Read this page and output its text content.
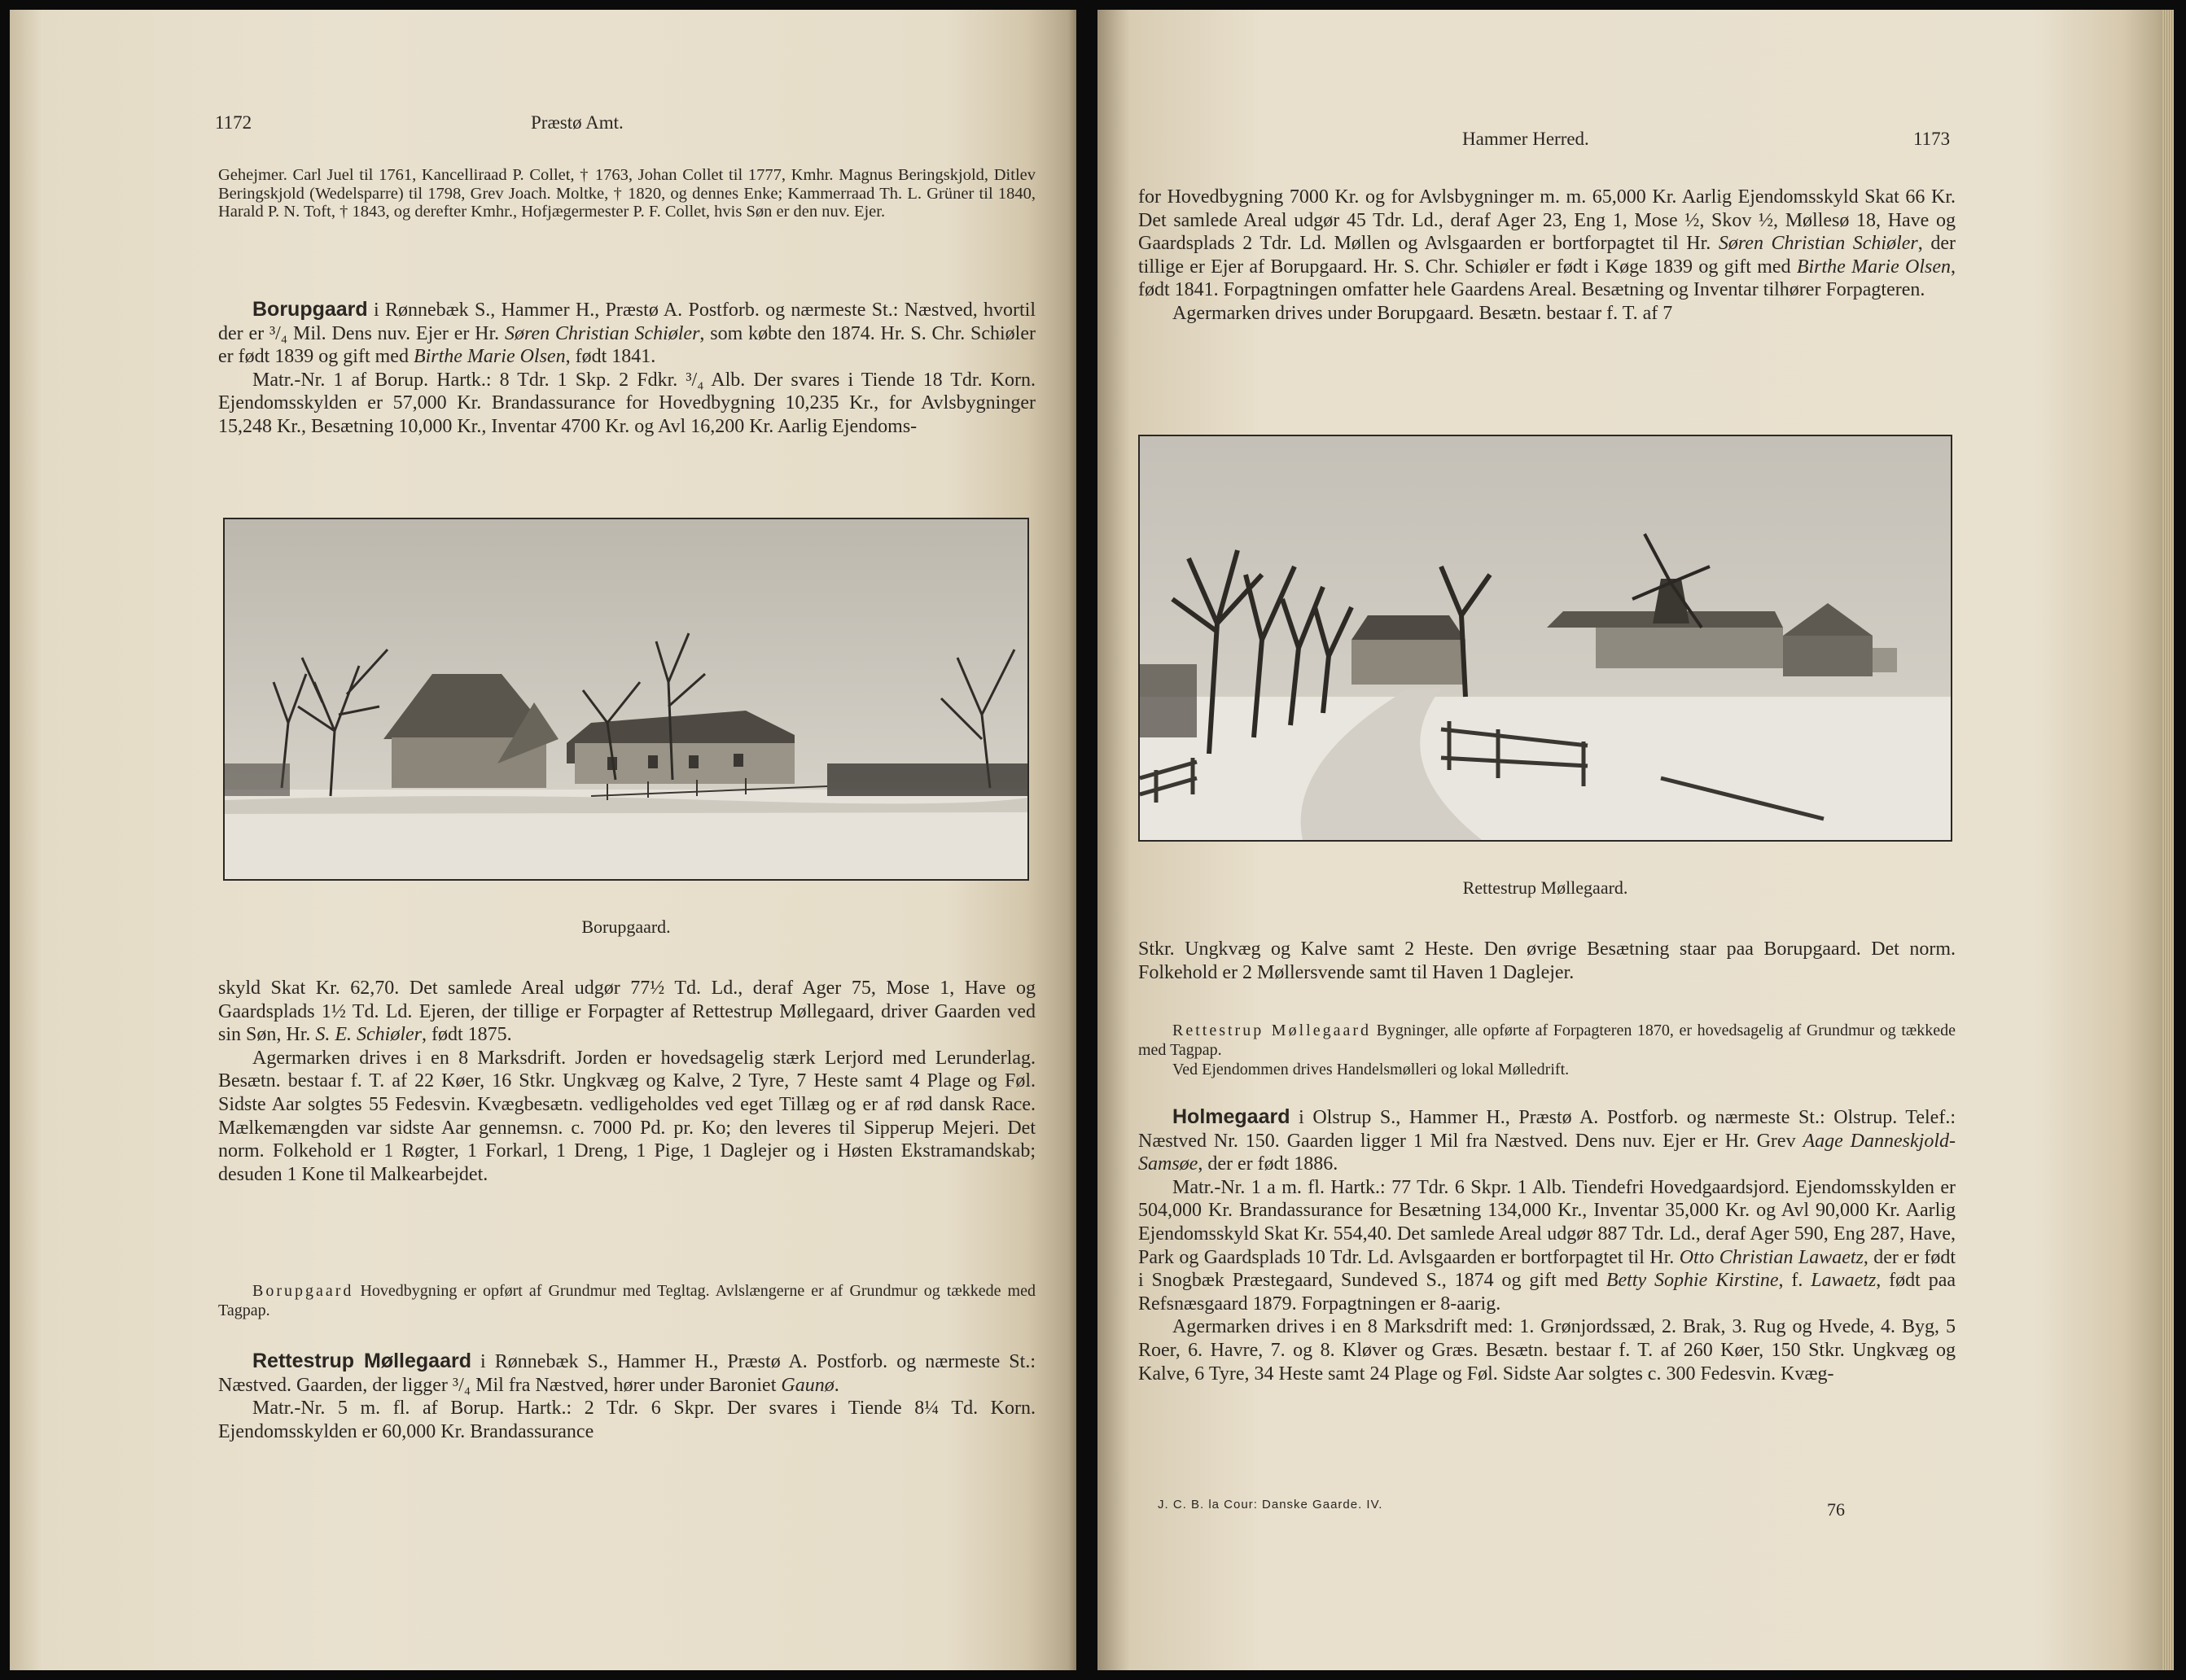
1172	Præstø Amt.

Gehejmer. Carl Juel til 1761, Kancelliraad P. Collet, † 1763, Johan Collet til 1777, Kmhr. Magnus Beringskjold, Ditlev Beringskjold (Wedelsparre) til 1798, Grev Joach. Moltke, † 1820, og dennes Enke; Kammerraad Th. L. Grüner til 1840, Harald P. N. Toft, † 1843, og derefter Kmhr., Hofjægermester P. F. Collet, hvis Søn er den nuv. Ejer.

Borupgaard i Rønnebæk S., Hammer H., Præstø A. Postforb. og nærmeste St.: Næstved, hvortil der er ³/₄ Mil. Dens nuv. Ejer er Hr. Søren Christian Schiøler, som købte den 1874. Hr. S. Chr. Schiøler er født 1839 og gift med Birthe Marie Olsen, født 1841.

Matr.-Nr. 1 af Borup. Hartk.: 8 Tdr. 1 Skp. 2 Fdkr. ³/₄ Alb. Der svares i Tiende 18 Tdr. Korn. Ejendomsskylden er 57,000 Kr. Brandassurance for Hovedbygning 10,235 Kr., for Avlsbygninger 15,248 Kr., Besætning 10,000 Kr., Inventar 4700 Kr. og Avl 16,200 Kr. Aarlig Ejendoms-

Borupgaard.

skyld Skat Kr. 62,70. Det samlede Areal udgør 77½ Td. Ld., deraf Ager 75, Mose 1, Have og Gaardsplads 1½ Td. Ld. Ejeren, der tillige er Forpagter af Rettestrup Møllegaard, driver Gaarden ved sin Søn, Hr. S. E. Schiøler, født 1875.

Agermarken drives i en 8 Marksdrift. Jorden er hovedsagelig stærk Lerjord med Lerunderlag. Besætn. bestaar f. T. af 22 Køer, 16 Stkr. Ungkvæg og Kalve, 2 Tyre, 7 Heste samt 4 Plage og Føl. Sidste Aar solgtes 55 Fedesvin. Kvægbesætn. vedligeholdes ved eget Tillæg og er af rød dansk Race. Mælkemængden var sidste Aar gennemsn. c. 7000 Pd. pr. Ko; den leveres til Sipperup Mejeri. Det norm. Folkehold er 1 Røgter, 1 Forkarl, 1 Dreng, 1 Pige, 1 Daglejer og i Høsten Ekstramandskab; desuden 1 Kone til Malkearbejdet.

Borupgaard Hovedbygning er opført af Grundmur med Tegltag. Avlslængerne er af Grundmur og tækkede med Tagpap.

Rettestrup Møllegaard i Rønnebæk S., Hammer H., Præstø A. Postforb. og nærmeste St.: Næstved. Gaarden, der ligger ³/₄ Mil fra Næstved, hører under Baroniet Gaunø.

Matr.-Nr. 5 m. fl. af Borup. Hartk.: 2 Tdr. 6 Skpr. Der svares i Tiende 8¼ Td. Korn. Ejendomsskylden er 60,000 Kr. Brandassurance

Hammer Herred.	1173

for Hovedbygning 7000 Kr. og for Avlsbygninger m. m. 65,000 Kr. Aarlig Ejendomsskyld Skat 66 Kr. Det samlede Areal udgør 45 Tdr. Ld., deraf Ager 23, Eng 1, Mose ½, Skov ½, Møllesø 18, Have og Gaardsplads 2 Tdr. Ld. Møllen og Avlsgaarden er bortforpagtet til Hr. Søren Christian Schiøler, der tillige er Ejer af Borupgaard. Hr. S. Chr. Schiøler er født i Køge 1839 og gift med Birthe Marie Olsen, født 1841. Forpagtningen omfatter hele Gaardens Areal. Besætning og Inventar tilhører Forpagteren.

Agermarken drives under Borupgaard. Besætn. bestaar f. T. af 7

Rettestrup Møllegaard.

Stkr. Ungkvæg og Kalve samt 2 Heste. Den øvrige Besætning staar paa Borupgaard. Det norm. Folkehold er 2 Møllersvende samt til Haven 1 Daglejer.

Rettestrup Møllegaard Bygninger, alle opførte af Forpagteren 1870, er hovedsagelig af Grundmur og tækkede med Tagpap.

Ved Ejendommen drives Handelsmølleri og lokal Mølledrift.

Holmegaard i Olstrup S., Hammer H., Præstø A. Postforb. og nærmeste St.: Olstrup. Telef.: Næstved Nr. 150. Gaarden ligger 1 Mil fra Næstved. Dens nuv. Ejer er Hr. Grev Aage Danneskjold-Samsøe, der er født 1886.

Matr.-Nr. 1 a m. fl. Hartk.: 77 Tdr. 6 Skpr. 1 Alb. Tiendefri Hovedgaardsjord. Ejendomsskylden er 504,000 Kr. Brandassurance for Besætning 134,000 Kr., Inventar 35,000 Kr. og Avl 90,000 Kr. Aarlig Ejendomsskyld Skat Kr. 554,40. Det samlede Areal udgør 887 Tdr. Ld., deraf Ager 590, Eng 287, Have, Park og Gaardsplads 10 Tdr. Ld. Avlsgaarden er bortforpagtet til Hr. Otto Christian Lawaetz, der er født i Snogbæk Præstegaard, Sundeved S., 1874 og gift med Betty Sophie Kirstine, f. Lawaetz, født paa Refsnæsgaard 1879. Forpagtningen er 8-aarig.

Agermarken drives i en 8 Marksdrift med: 1. Grønjordssæd, 2. Brak, 3. Rug og Hvede, 4. Byg, 5 Roer, 6. Havre, 7. og 8. Kløver og Græs. Besætn. bestaar f. T. af 260 Køer, 150 Stkr. Ungkvæg og Kalve, 6 Tyre, 34 Heste samt 24 Plage og Føl. Sidste Aar solgtes c. 300 Fedesvin. Kvæg-

J. C. B. la Cour: Danske Gaarde. IV.	76
